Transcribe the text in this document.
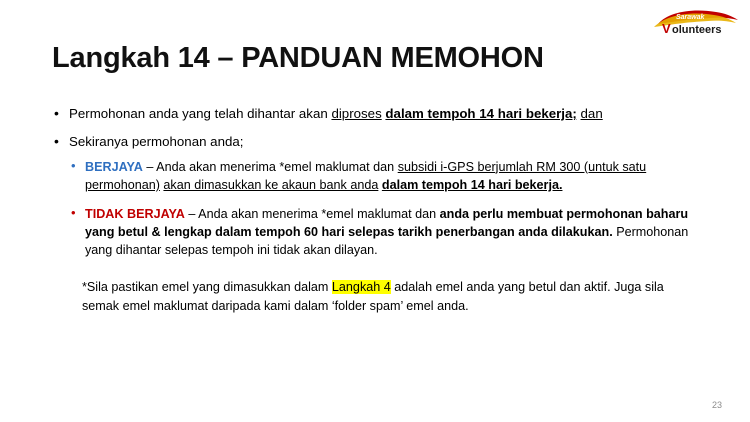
Sarawak
V olunteers
Langkah 14 – PANDUAN MEMOHON
• Permohonan anda yang telah dihantar akan diproses dalam tempoh 14 hari bekerja; dan
• Sekiranya permohonan anda;
• BERJAYA – Anda akan menerima *emel maklumat dan subsidi i-GPS berjumlah RM 300 (untuk satu permohonan) akan dimasukkan ke akaun bank anda dalam tempoh 14 hari bekerja.
• TIDAK BERJAYA – Anda akan menerima *emel maklumat dan anda perlu membuat permohonan baharu yang betul & lengkap dalam tempoh 60 hari selepas tarikh penerbangan anda dilakukan. Permohonan yang dihantar selepas tempoh ini tidak akan dilayan.
*Sila pastikan emel yang dimasukkan dalam Langkah 4 adalah emel anda yang betul dan aktif. Juga sila semak emel maklumat daripada kami dalam ‘folder spam’ emel anda.
23
